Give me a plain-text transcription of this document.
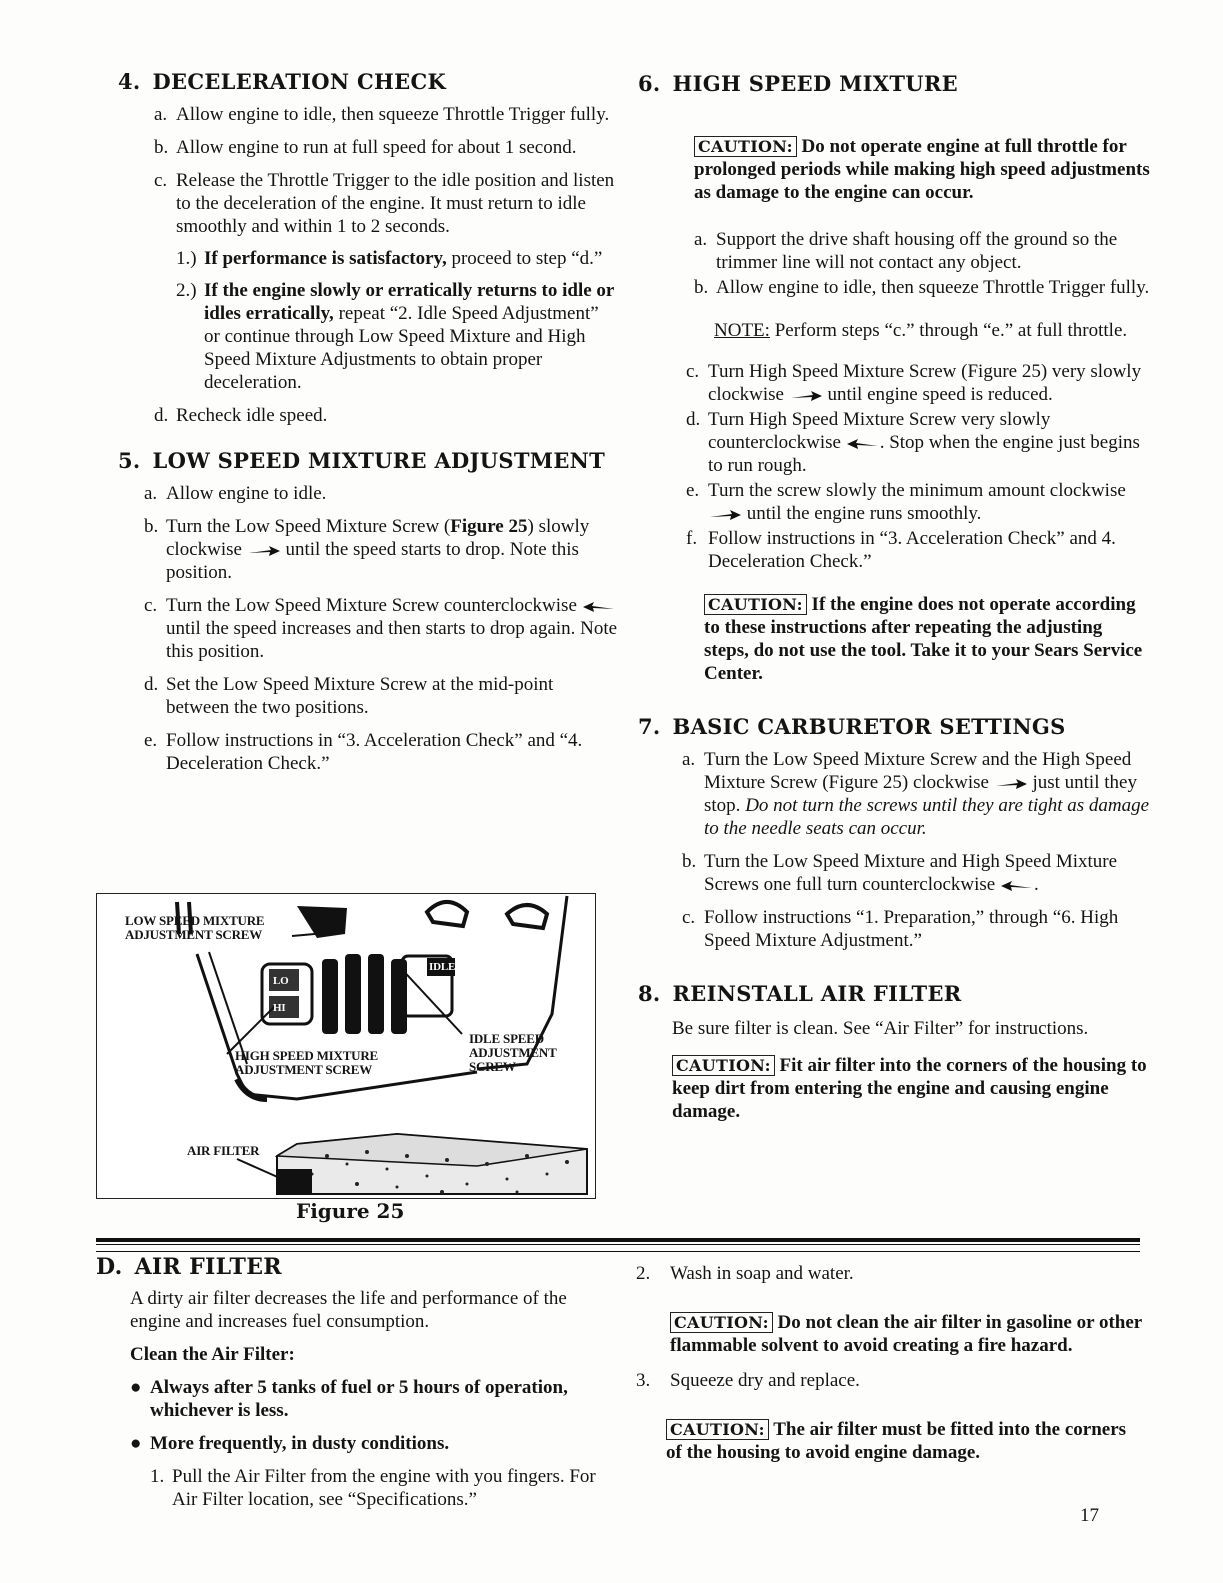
4. DECELERATION CHECK
a. Allow engine to idle, then squeeze Throttle Trigger fully.
b. Allow engine to run at full speed for about 1 second.
c. Release the Throttle Trigger to the idle position and listen to the deceleration of the engine. It must return to idle smoothly and within 1 to 2 seconds.
1.) If performance is satisfactory, proceed to step “d.”
2.) If the engine slowly or erratically returns to idle or idles erratically, repeat “2. Idle Speed Adjustment” or continue through Low Speed Mixture and High Speed Mixture Adjustments to obtain proper deceleration.
d. Recheck idle speed.
5. LOW SPEED MIXTURE ADJUSTMENT
a. Allow engine to idle.
b. Turn the Low Speed Mixture Screw (Figure 25) slowly clockwise  until the speed starts to drop. Note this position.
c. Turn the Low Speed Mixture Screw counterclockwise  until the speed increases and then starts to drop again. Note this position.
d. Set the Low Speed Mixture Screw at the mid-point between the two positions.
e. Follow instructions in “3. Acceleration Check” and “4. Deceleration Check.”
LOW SPEED MIXTURE
ADJUSTMENT SCREW
HIGH SPEED MIXTURE
ADJUSTMENT SCREW
IDLE SPEED
ADJUSTMENT
SCREW
AIR FILTER
LO
HI
IDLE
Figure 25
6. HIGH SPEED MIXTURE
CAUTION: Do not operate engine at full throttle for prolonged periods while making high speed adjustments as damage to the engine can occur.
a. Support the drive shaft housing off the ground so the trimmer line will not contact any object.
b. Allow engine to idle, then squeeze Throttle Trigger fully.
NOTE: Perform steps “c.” through “e.” at full throttle.
c. Turn High Speed Mixture Screw (Figure 25) very slowly clockwise  until engine speed is reduced.
d. Turn High Speed Mixture Screw very slowly counterclockwise . Stop when the engine just begins to run rough.
e. Turn the screw slowly the minimum amount clockwise
until the engine runs smoothly.
f. Follow instructions in “3. Acceleration Check” and 4. Deceleration Check.”
CAUTION: If the engine does not operate according to these instructions after repeating the adjusting steps, do not use the tool. Take it to your Sears Service Center.
7. BASIC CARBURETOR SETTINGS
a. Turn the Low Speed Mixture Screw and the High Speed Mixture Screw (Figure 25) clockwise  just until they stop. Do not turn the screws until they are tight as damage to the needle seats can occur.
b. Turn the Low Speed Mixture and High Speed Mixture Screws one full turn counterclockwise .
c. Follow instructions “1. Preparation,” through “6. High Speed Mixture Adjustment.”
8. REINSTALL AIR FILTER
Be sure filter is clean. See “Air Filter” for instructions.
CAUTION: Fit air filter into the corners of the housing to keep dirt from entering the engine and causing engine damage.
D. AIR FILTER
A dirty air filter decreases the life and performance of the engine and increases fuel consumption.
Clean the Air Filter:
● Always after 5 tanks of fuel or 5 hours of operation, whichever is less.
● More frequently, in dusty conditions.
1. Pull the Air Filter from the engine with you fingers. For Air Filter location, see “Specifications.”
2.	Wash in soap and water.
CAUTION: Do not clean the air filter in gasoline or other flammable solvent to avoid creating a fire hazard.
3.	Squeeze dry and replace.
CAUTION: The air filter must be fitted into the corners of the housing to avoid engine damage.
17
